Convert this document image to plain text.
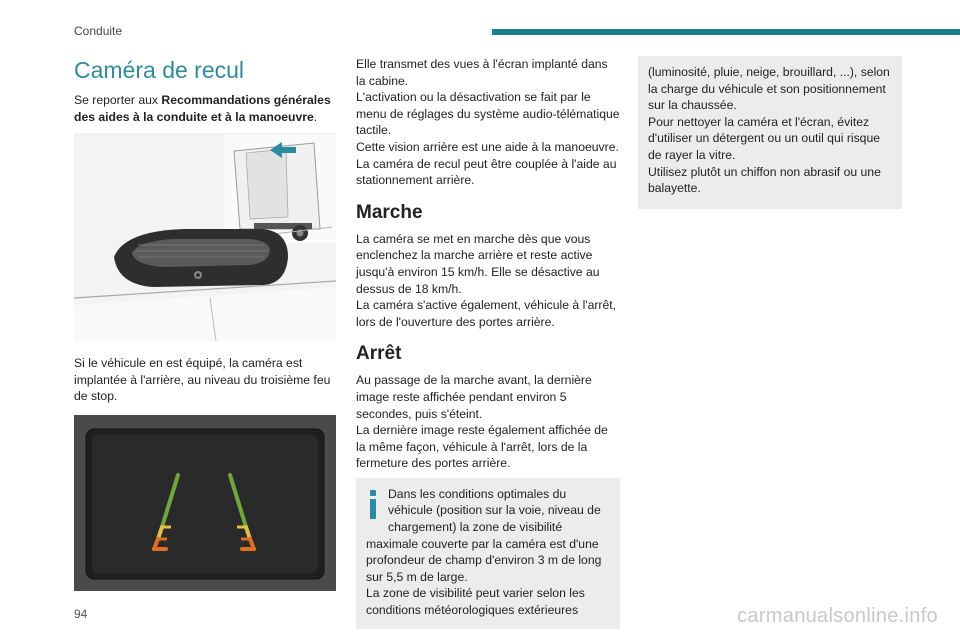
Conduite
Caméra de recul

Se reporter aux Recommandations générales des aides à la conduite et à la manoeuvre.

Si le véhicule en est équipé, la caméra est implantée à l'arrière, au niveau du troisième feu de stop.

Elle transmet des vues à l'écran implanté dans la cabine.

L'activation ou la désactivation se fait par le menu de réglages du système audio-télématique tactile.

Cette vision arrière est une aide à la manoeuvre.

La caméra de recul peut être couplée à l'aide au stationnement arrière.

Marche

La caméra se met en marche dès que vous enclenchez la marche arrière et reste active jusqu'à environ 15 km/h. Elle se désactive au dessus de 18 km/h.

La caméra s'active également, véhicule à l'arrêt, lors de l'ouverture des portes arrière.

Arrêt

Au passage de la marche avant, la dernière image reste affichée pendant environ 5 secondes, puis s'éteint.

La dernière image reste également affichée de la même façon, véhicule à l'arrêt, lors de la fermeture des portes arrière.

Dans les conditions optimales du véhicule (position sur la voie, niveau de chargement) la zone de visibilité maximale couverte par la caméra est d'une profondeur de champ d'environ 3 m de long sur 5,5 m de large.

La zone de visibilité peut varier selon les conditions météorologiques extérieures

(luminosité, pluie, neige, brouillard, ...), selon la charge du véhicule et son positionnement sur la chaussée.

Pour nettoyer la caméra et l'écran, évitez d'utiliser un détergent ou un outil qui risque de rayer la vitre.

Utilisez plutôt un chiffon non abrasif ou une balayette.

94	carmanualsonline.info
